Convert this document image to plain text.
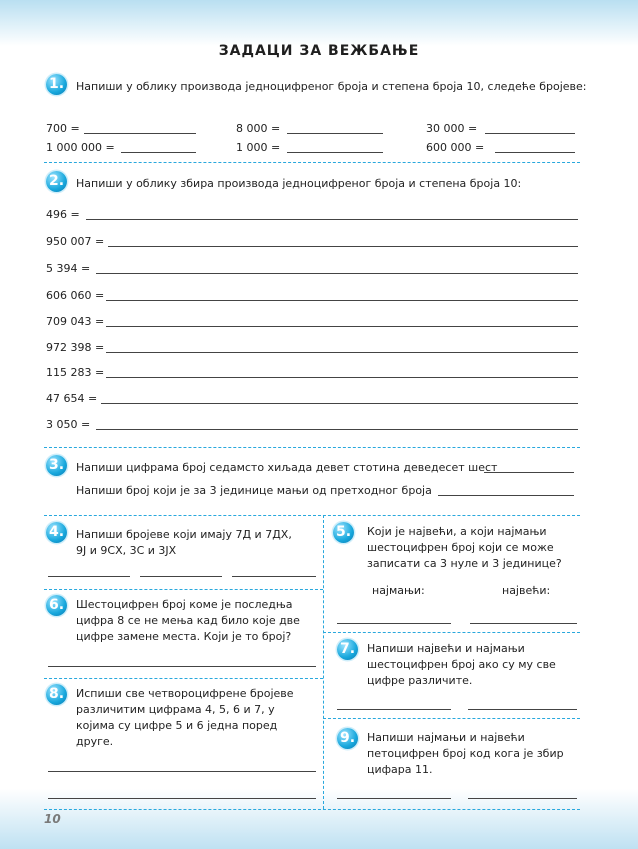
ЗАДАЦИ ЗА ВЕЖБАЊЕ
1. Напиши у облику производа једноцифреног броја и степена броја 10, следеће бројеве:
700 =	8 000 =	30 000 =
1 000 000 =	1 000 =	600 000 =
2. Напиши у облику збира производа једноцифреног броја и степена броја 10:
496 =
950 007 =
5 394 =
606 060 =
709 043 =
972 398 =
115 283 =
47 654 =
3 050 =
3. Напиши цифрама број седамсто хиљада девет стотина деведесет шест
Напиши број који је за 3 јединице мањи од претходног броја
4. Напиши бројеве који имају 7Д и 7ДХ,
9Ј и 9СХ, 3С и 3ЈХ
6. Шестоцифрен број коме је последња
цифра 8 се не мења кад било које две
цифре замене места. Који је то број?
8. Испиши све четвороцифрене бројеве
различитим цифрама 4, 5, 6 и 7, у
којима су цифре 5 и 6 једна поред
друге.
5. Који је највећи, а који најмањи
шестоцифрен број који се може
записати са 3 нуле и 3 јединице?
најмањи:	највећи:
7. Напиши највећи и најмањи
шестоцифрен број ако су му све
цифре различите.
9. Напиши најмањи и највећи
петоцифрен број код кога је збир
цифара 11.
10
